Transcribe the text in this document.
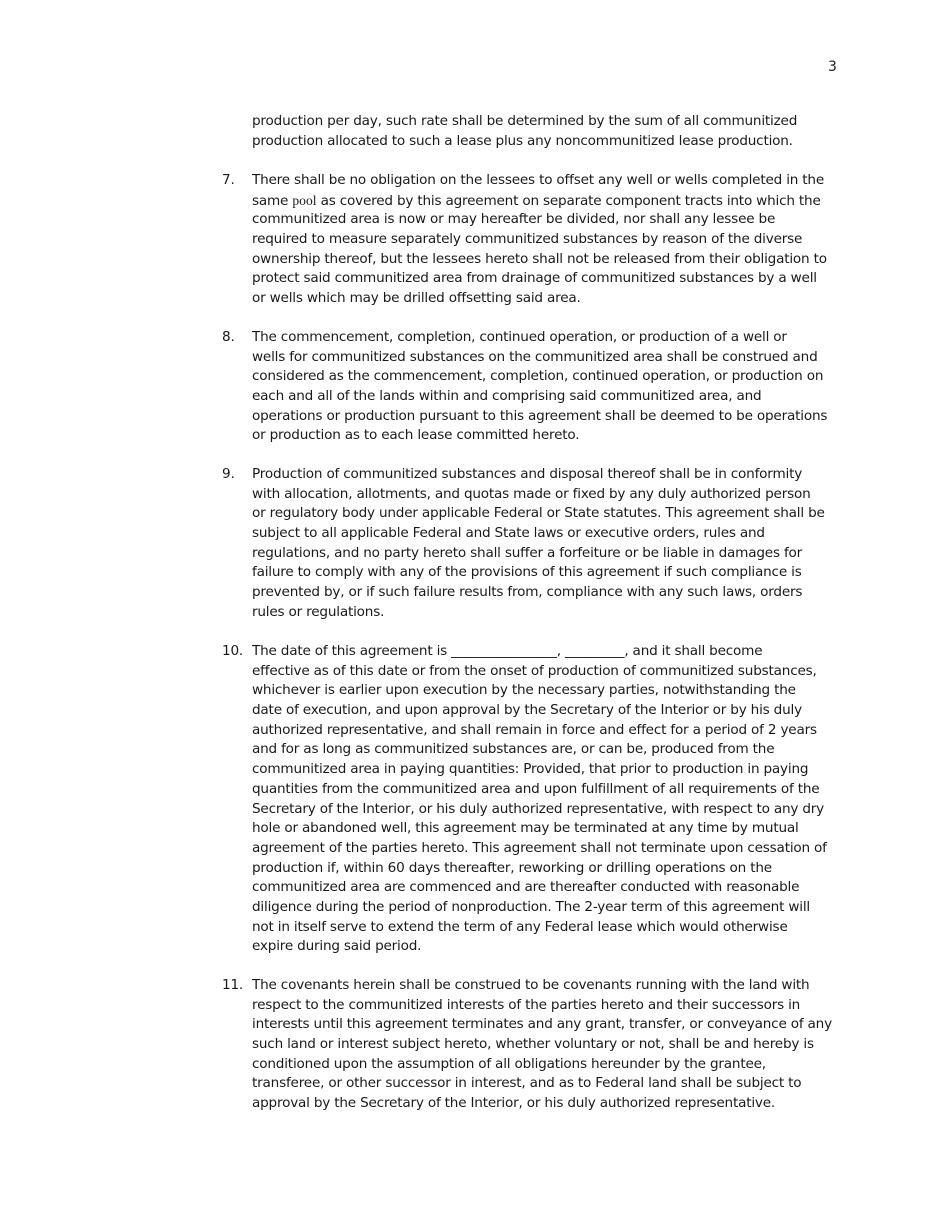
3
production per day, such rate shall be determined by the sum of all communitized
production allocated to such a lease plus any noncommunitized lease production.
7.	There shall be no obligation on the lessees to offset any well or wells completed in the
same pool as covered by this agreement on separate component tracts into which the
communitized area is now or may hereafter be divided, nor shall any lessee be
required to measure separately communitized substances by reason of the diverse
ownership thereof, but the lessees hereto shall not be released from their obligation to
protect said communitized area from drainage of communitized substances by a well
or wells which may be drilled offsetting said area.
8.	The commencement, completion, continued operation, or production of a well or
wells for communitized substances on the communitized area shall be construed and
considered as the commencement, completion, continued operation, or production on
each and all of the lands within and comprising said communitized area, and
operations or production pursuant to this agreement shall be deemed to be operations
or production as to each lease committed hereto.
9.	Production of communitized substances and disposal thereof shall be in conformity
with allocation, allotments, and quotas made or fixed by any duly authorized person
or regulatory body under applicable Federal or State statutes. This agreement shall be
subject to all applicable Federal and State laws or executive orders, rules and
regulations, and no party hereto shall suffer a forfeiture or be liable in damages for
failure to comply with any of the provisions of this agreement if such compliance is
prevented by, or if such failure results from, compliance with any such laws, orders
rules or regulations.
10. The date of this agreement is ________________, _________, and it shall become
effective as of this date or from the onset of production of communitized substances,
whichever is earlier upon execution by the necessary parties, notwithstanding the
date of execution, and upon approval by the Secretary of the Interior or by his duly
authorized representative, and shall remain in force and effect for a period of 2 years
and for as long as communitized substances are, or can be, produced from the
communitized area in paying quantities: Provided, that prior to production in paying
quantities from the communitized area and upon fulfillment of all requirements of the
Secretary of the Interior, or his duly authorized representative, with respect to any dry
hole or abandoned well, this agreement may be terminated at any time by mutual
agreement of the parties hereto. This agreement shall not terminate upon cessation of
production if, within 60 days thereafter, reworking or drilling operations on the
communitized area are commenced and are thereafter conducted with reasonable
diligence during the period of nonproduction. The 2-year term of this agreement will
not in itself serve to extend the term of any Federal lease which would otherwise
expire during said period.
11. The covenants herein shall be construed to be covenants running with the land with
respect to the communitized interests of the parties hereto and their successors in
interests until this agreement terminates and any grant, transfer, or conveyance of any
such land or interest subject hereto, whether voluntary or not, shall be and hereby is
conditioned upon the assumption of all obligations hereunder by the grantee,
transferee, or other successor in interest, and as to Federal land shall be subject to
approval by the Secretary of the Interior, or his duly authorized representative.
